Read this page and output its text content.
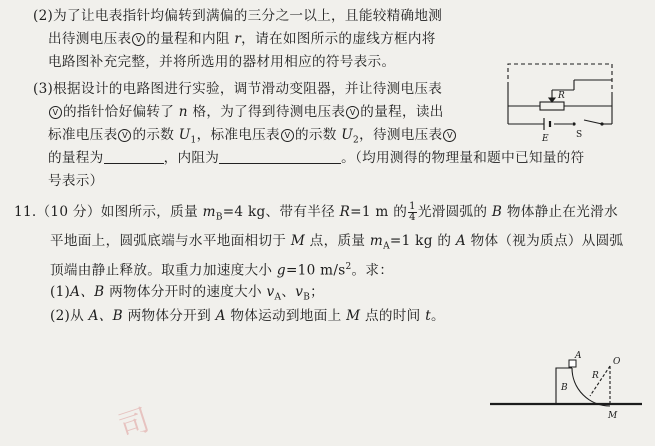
(2)为了让电表指针均偏转到满偏的三分之一以上，且能较精确地测
出待测电压表 V 的量程和内阻 r，请在如图所示的虚线方框内将
电路图补充完整，并将所选用的器材用相应的符号表示。
(3)根据设计的电路图进行实验，调节滑动变阻器，并让待测电压表
V 的指针恰好偏转了 n 格，为了得到待测电压表 V 的量程，读出
标准电压表 V 的示数 $U_1$，标准电压表 V 的示数 $U_2$，待测电压表 V
的量程为	，内阻为	。（均用测得的物理量和题中已知量的符
号表示）
R
E	S
11.（10 分）如图所示，质量 $m_B=4$ kg、带有半径 R=1 m 的 $\frac{1}{4}$ 光滑圆弧的 B 物体静止在光滑水
平地面上，圆弧底端与水平地面相切于 M 点，质量 $m_A=1$ kg 的 A 物体（视为质点）从圆弧
顶端由静止释放。取重力加速度大小 g=10 $m/s^2$。求：
(1)A、B 两物体分开时的速度大小 $v_A$、$v_B$；
(2)从 A、B 两物体分开到 A 物体运动到地面上 M 点的时间 t。
A
B
R
O
M
司
